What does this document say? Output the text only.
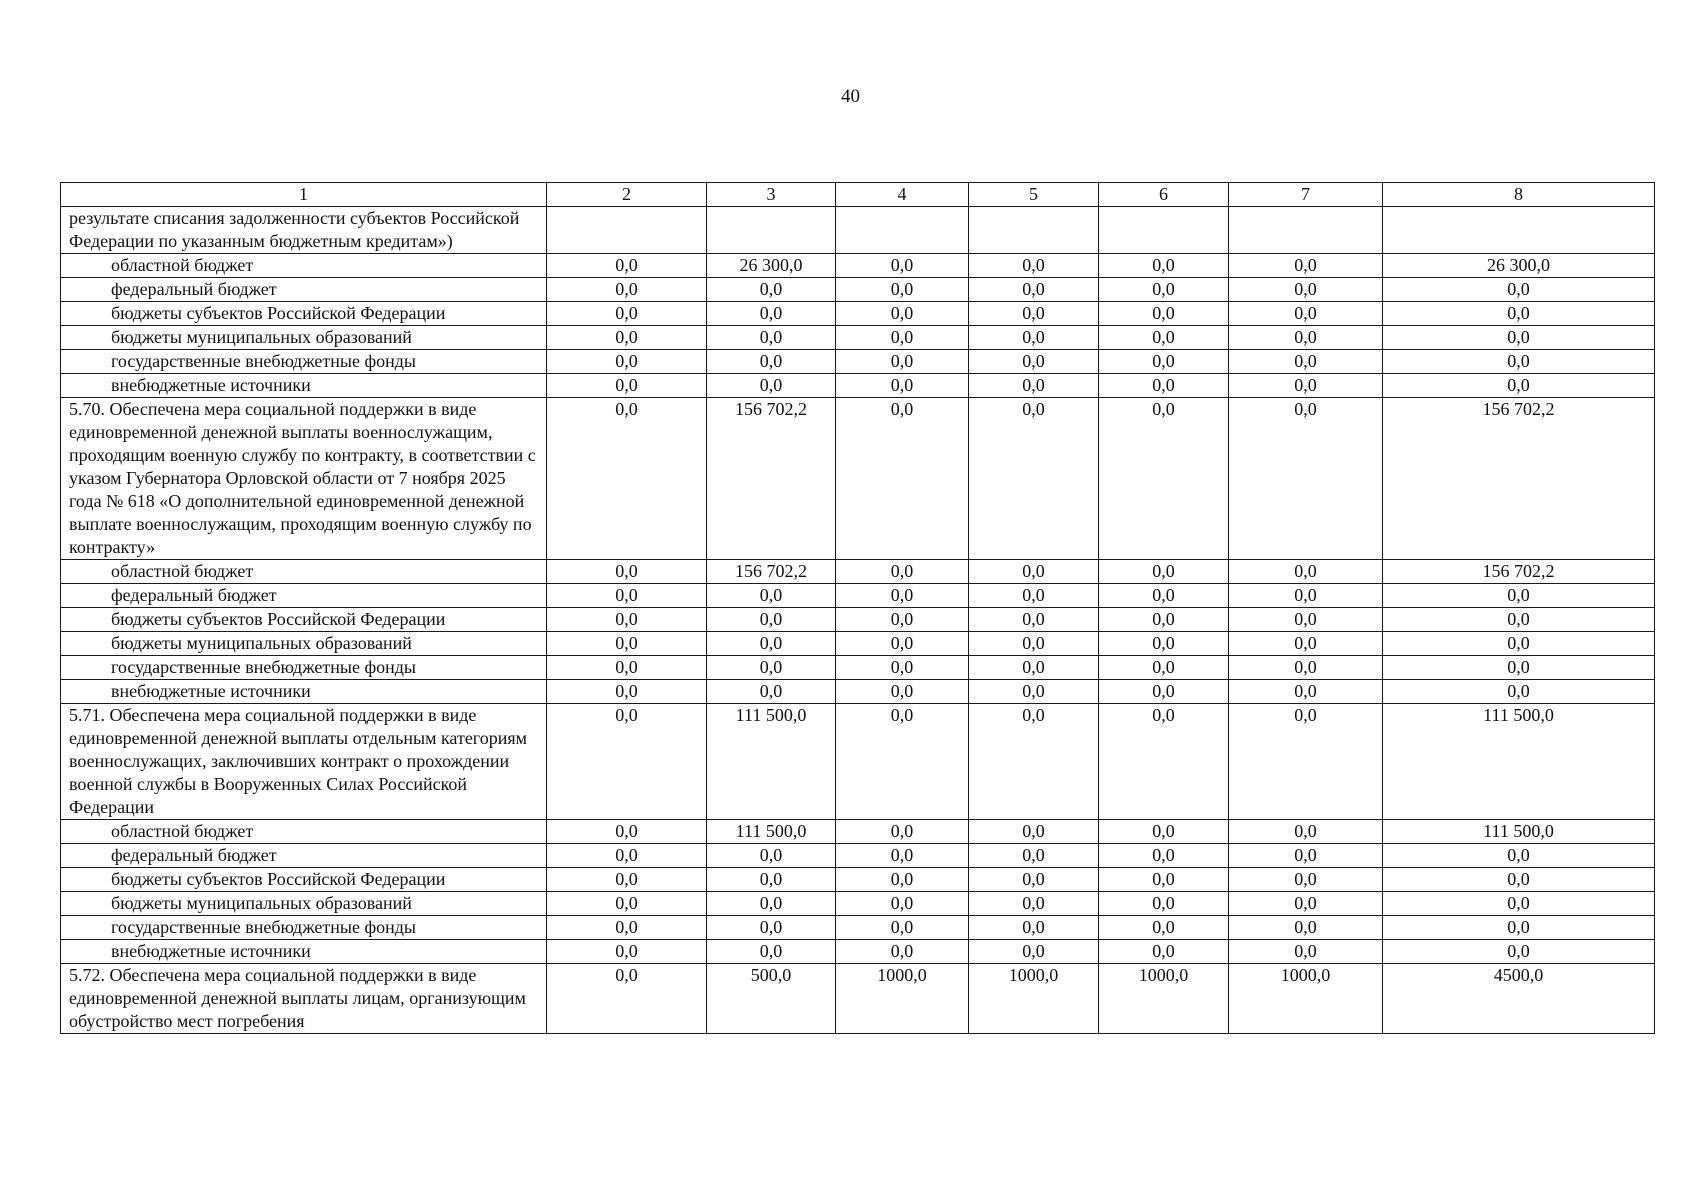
40
1	2	3	4	5	6	7	8
результате списания задолженности субъектов Российской Федерации по указанным бюджетным кредитам»)							
областной бюджет	0,0	26 300,0	0,0	0,0	0,0	0,0	26 300,0
федеральный бюджет	0,0	0,0	0,0	0,0	0,0	0,0	0,0
бюджеты субъектов Российской Федерации	0,0	0,0	0,0	0,0	0,0	0,0	0,0
бюджеты муниципальных образований	0,0	0,0	0,0	0,0	0,0	0,0	0,0
государственные внебюджетные фонды	0,0	0,0	0,0	0,0	0,0	0,0	0,0
внебюджетные источники	0,0	0,0	0,0	0,0	0,0	0,0	0,0
5.70. Обеспечена мера социальной поддержки в виде единовременной денежной выплаты военнослужащим, проходящим военную службу по контракту, в соответствии с указом Губернатора Орловской области от 7 ноября 2025 года № 618 «О дополнительной единовременной денежной выплате военнослужащим, проходящим военную службу по контракту»	0,0	156 702,2	0,0	0,0	0,0	0,0	156 702,2
областной бюджет	0,0	156 702,2	0,0	0,0	0,0	0,0	156 702,2
федеральный бюджет	0,0	0,0	0,0	0,0	0,0	0,0	0,0
бюджеты субъектов Российской Федерации	0,0	0,0	0,0	0,0	0,0	0,0	0,0
бюджеты муниципальных образований	0,0	0,0	0,0	0,0	0,0	0,0	0,0
государственные внебюджетные фонды	0,0	0,0	0,0	0,0	0,0	0,0	0,0
внебюджетные источники	0,0	0,0	0,0	0,0	0,0	0,0	0,0
5.71. Обеспечена мера социальной поддержки в виде единовременной денежной выплаты отдельным категориям военнослужащих, заключивших контракт о прохождении военной службы в Вооруженных Силах Российской Федерации	0,0	111 500,0	0,0	0,0	0,0	0,0	111 500,0
областной бюджет	0,0	111 500,0	0,0	0,0	0,0	0,0	111 500,0
федеральный бюджет	0,0	0,0	0,0	0,0	0,0	0,0	0,0
бюджеты субъектов Российской Федерации	0,0	0,0	0,0	0,0	0,0	0,0	0,0
бюджеты муниципальных образований	0,0	0,0	0,0	0,0	0,0	0,0	0,0
государственные внебюджетные фонды	0,0	0,0	0,0	0,0	0,0	0,0	0,0
внебюджетные источники	0,0	0,0	0,0	0,0	0,0	0,0	0,0
5.72. Обеспечена мера социальной поддержки в виде единовременной денежной выплаты лицам, организующим обустройство мест погребения	0,0	500,0	1000,0	1000,0	1000,0	1000,0	4500,0
